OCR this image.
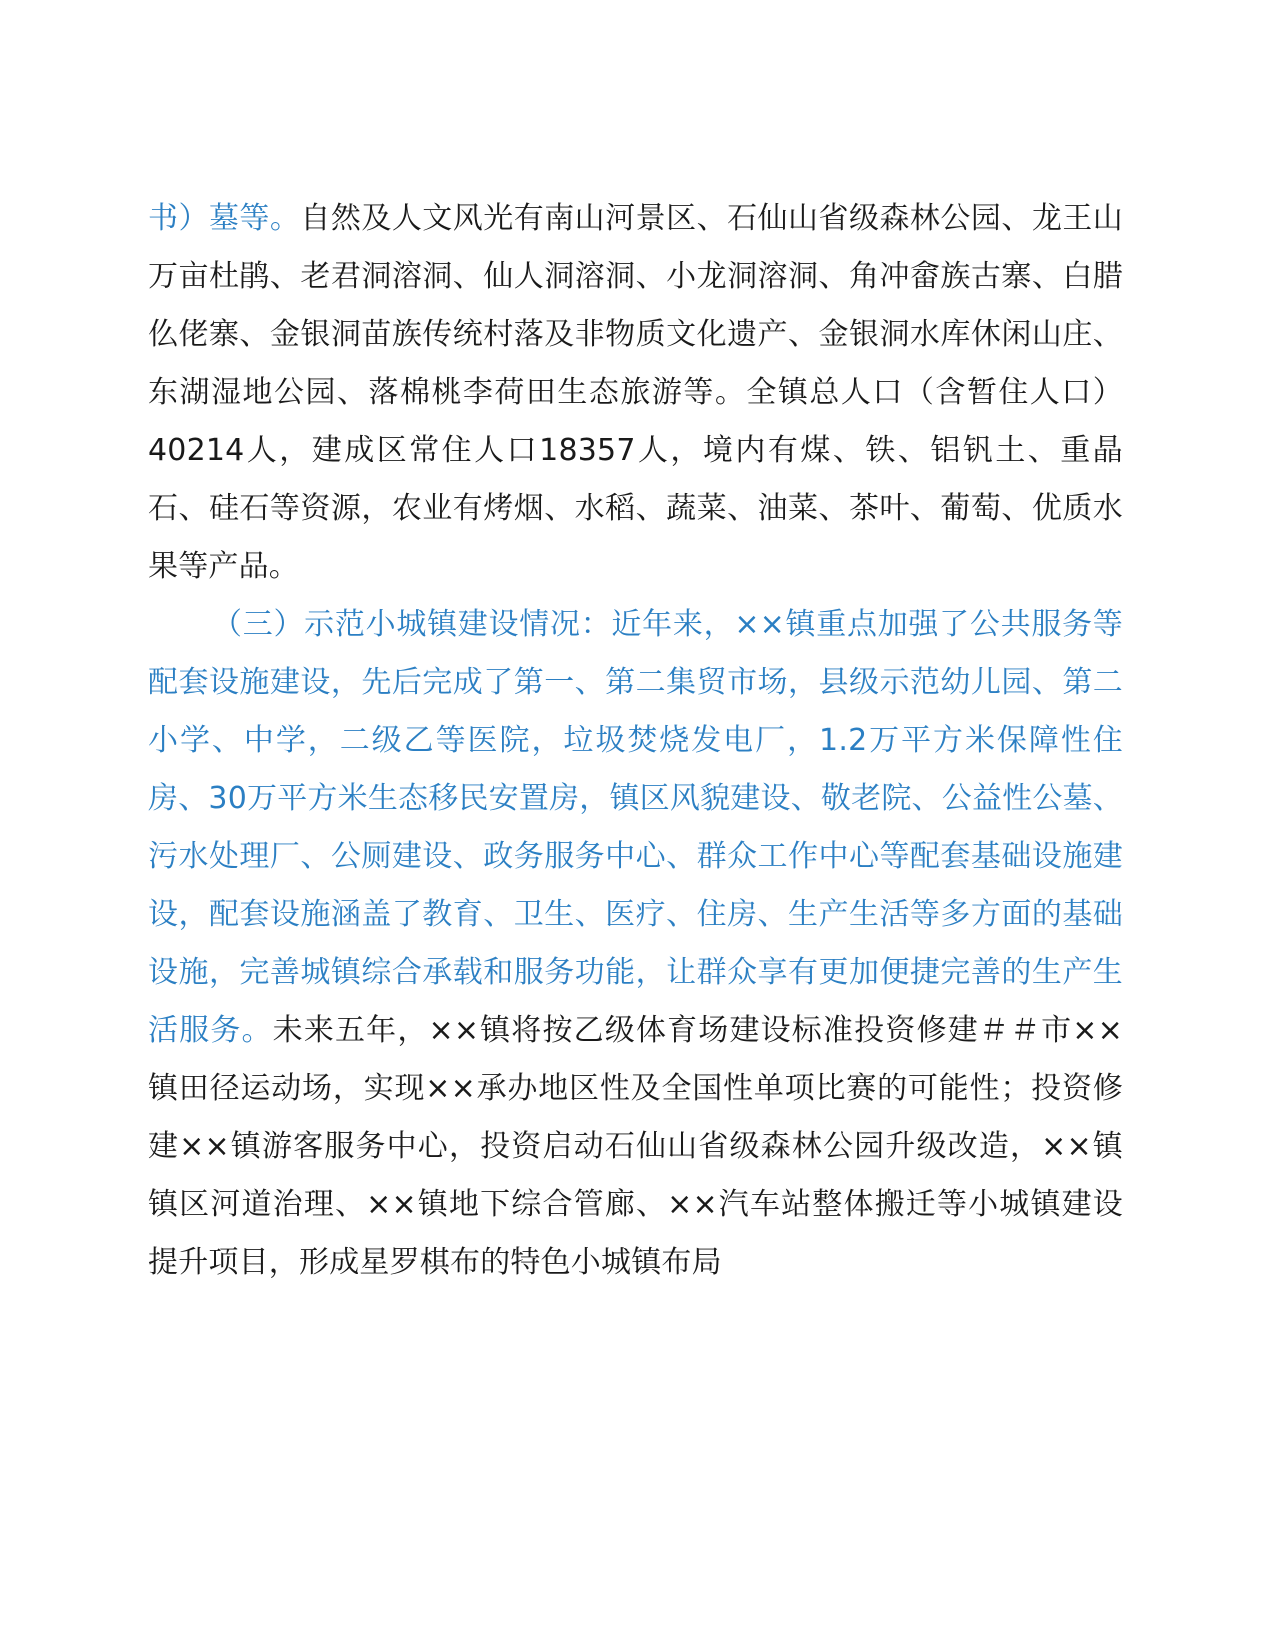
书）墓等。自然及人文风光有南山河景区、石仙山省级森林公园、龙王山万亩杜鹃、老君洞溶洞、仙人洞溶洞、小龙洞溶洞、角冲畲族古寨、白腊仫佬寨、金银洞苗族传统村落及非物质文化遗产、金银洞水库休闲山庄、东湖湿地公园、落棉桃李荷田生态旅游等。全镇总人口（含暂住人口）40214人，建成区常住人口18357人，境内有煤、铁、铝钒土、重晶石、硅石等资源，农业有烤烟、水稻、蔬菜、油菜、茶叶、葡萄、优质水果等产品。

（三）示范小城镇建设情况：近年来，××镇重点加强了公共服务等配套设施建设，先后完成了第一、第二集贸市场，县级示范幼儿园、第二小学、中学，二级乙等医院，垃圾焚烧发电厂，1.2万平方米保障性住房、30万平方米生态移民安置房，镇区风貌建设、敬老院、公益性公墓、污水处理厂、公厕建设、政务服务中心、群众工作中心等配套基础设施建设，配套设施涵盖了教育、卫生、医疗、住房、生产生活等多方面的基础设施，完善城镇综合承载和服务功能，让群众享有更加便捷完善的生产生活服务。未来五年，××镇将按乙级体育场建设标准投资修建＃＃市××镇田径运动场，实现××承办地区性及全国性单项比赛的可能性；投资修建××镇游客服务中心，投资启动石仙山省级森林公园升级改造，××镇镇区河道治理、××镇地下综合管廊、××汽车站整体搬迁等小城镇建设提升项目，形成星罗棋布的特色小城镇布局
